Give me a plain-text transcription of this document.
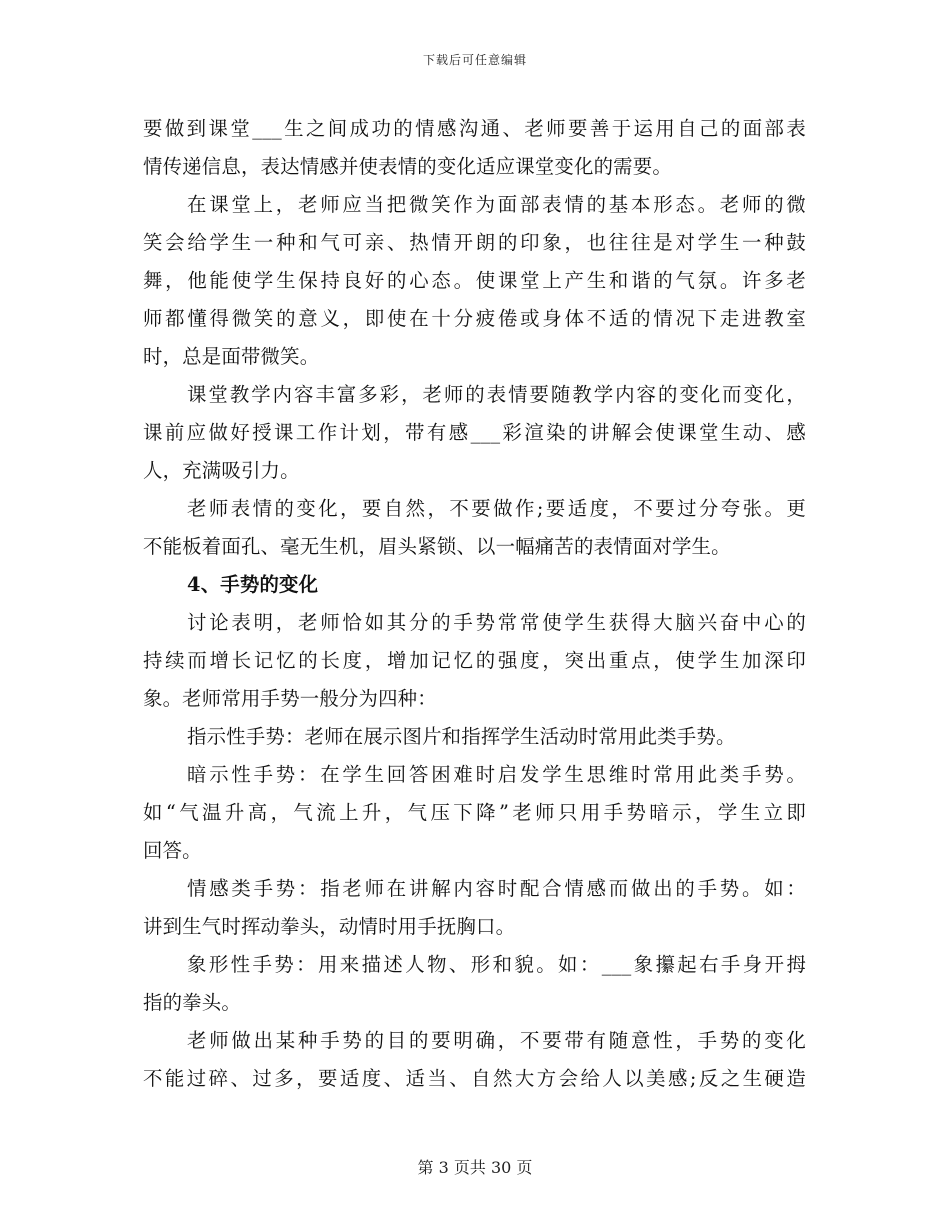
下载后可任意编辑
要做到课堂___生之间成功的情感沟通、老师要善于运用自己的面部表
情传递信息，表达情感并使表情的变化适应课堂变化的需要。
在课堂上，老师应当把微笑作为面部表情的基本形态。老师的微
笑会给学生一种和气可亲、热情开朗的印象，也往往是对学生一种鼓
舞，他能使学生保持良好的心态。使课堂上产生和谐的气氛。许多老
师都懂得微笑的意义，即使在十分疲倦或身体不适的情况下走进教室
时，总是面带微笑。
课堂教学内容丰富多彩，老师的表情要随教学内容的变化而变化，
课前应做好授课工作计划，带有感___彩渲染的讲解会使课堂生动、感
人，充满吸引力。
老师表情的变化，要自然，不要做作;要适度，不要过分夸张。更
不能板着面孔、毫无生机，眉头紧锁、以一幅痛苦的表情面对学生。
4、手势的变化
讨论表明，老师恰如其分的手势常常使学生获得大脑兴奋中心的
持续而增长记忆的长度，增加记忆的强度，突出重点，使学生加深印
象。老师常用手势一般分为四种：
指示性手势：老师在展示图片和指挥学生活动时常用此类手势。
暗示性手势：在学生回答困难时启发学生思维时常用此类手势。
如“气温升高，气流上升，气压下降”老师只用手势暗示，学生立即
回答。
情感类手势：指老师在讲解内容时配合情感而做出的手势。如：
讲到生气时挥动拳头，动情时用手抚胸口。
象形性手势：用来描述人物、形和貌。如：___象攥起右手身开拇
指的拳头。
老师做出某种手势的目的要明确，不要带有随意性，手势的变化
不能过碎、过多，要适度、适当、自然大方会给人以美感;反之生硬造
第 3 页共 30 页
